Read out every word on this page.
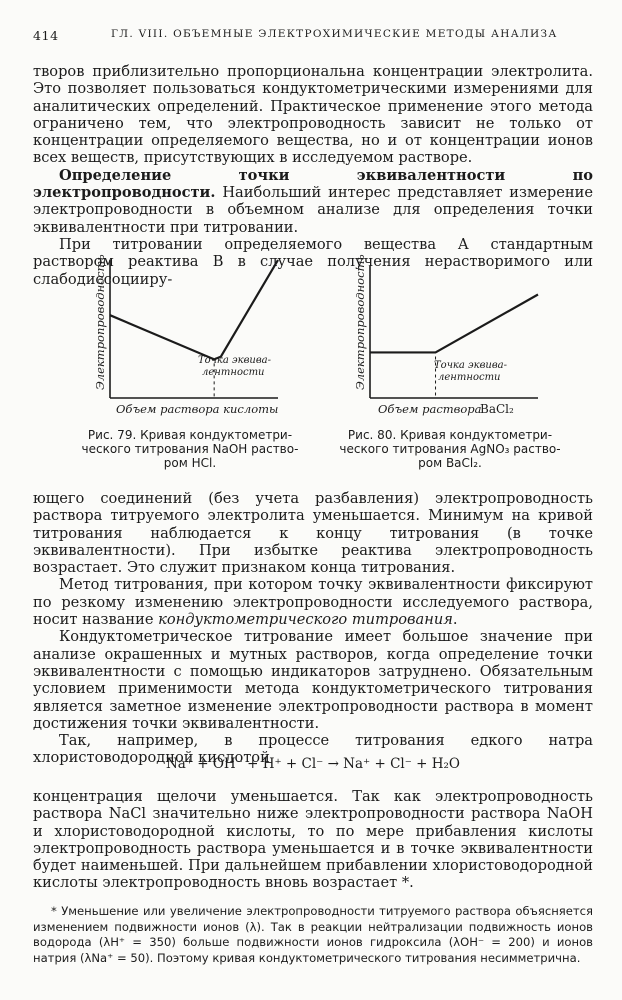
414	ГЛ. VIII. ОБЪЕМНЫЕ ЭЛЕКТРОХИМИЧЕСКИЕ МЕТОДЫ АНАЛИЗА

творов приблизительно пропорциональна концентрации электролита. Это позволяет пользоваться кондуктометрическими измерениями для аналитических определений. Практическое применение этого метода ограничено тем, что электропроводность зависит не только от концентрации определяемого вещества, но и от концентрации ионов всех веществ, присутствующих в исследуемом растворе.

Определение точки эквивалентности по электропроводности. Наибольший интерес представляет измерение электропроводности в объемном анализе для определения точки эквивалентности при титровании.

При титровании определяемого вещества А стандартным раствором реактива В в случае получения нерастворимого или слабодиссоцииру-

Электропроводность
Объем раствора кислоты
Точка эквива-
лентности
Рис. 79. Кривая кондуктометри-
ческого титрования NaOH раство-
ром HCl.
Электропроводность
Объем раствора
BaCl₂
Точка эквива-
лентности
Рис. 80. Кривая кондуктометри-
ческого титрования AgNO₃ раство-
ром BaCl₂.

ющего соединений (без учета разбавления) электропроводность раствора титруемого электролита уменьшается. Минимум на кривой титрования наблюдается к концу титрования (в точке эквивалентности). При избытке реактива электропроводность возрастает. Это служит признаком конца титрования.

Метод титрования, при котором точку эквивалентности фиксируют по резкому изменению электропроводности исследуемого раствора, носит название кондуктометрического титрования.

Кондуктометрическое титрование имеет большое значение при анализе окрашенных и мутных растворов, когда определение точки эквивалентности с помощью индикаторов затруднено. Обязательным условием применимости метода кондуктометрического титрования является заметное изменение электропроводности раствора в момент достижения точки эквивалентности.

Так, например, в процессе титрования едкого натра хлористоводородной кислотой

Na⁺ + OH⁻ + H⁺ + Cl⁻ → Na⁺ + Cl⁻ + H₂O

концентрация щелочи уменьшается. Так как электропроводность раствора NaCl значительно ниже электропроводности раствора NaOH и хлористоводородной кислоты, то по мере прибавления кислоты электропроводность раствора уменьшается и в точке эквивалентности будет наименьшей. При дальнейшем прибавлении хлористоводородной кислоты электропроводность вновь возрастает *.

* Уменьшение или увеличение электропроводности титруемого раствора объясняется изменением подвижности ионов (λ). Так в реакции нейтрализации подвижность ионов водорода (λH⁺ = 350) больше подвижности ионов гидроксила (λOH⁻ = 200) и ионов натрия (λNa⁺ = 50). Поэтому кривая кондуктометрического титрования несимметрична.
